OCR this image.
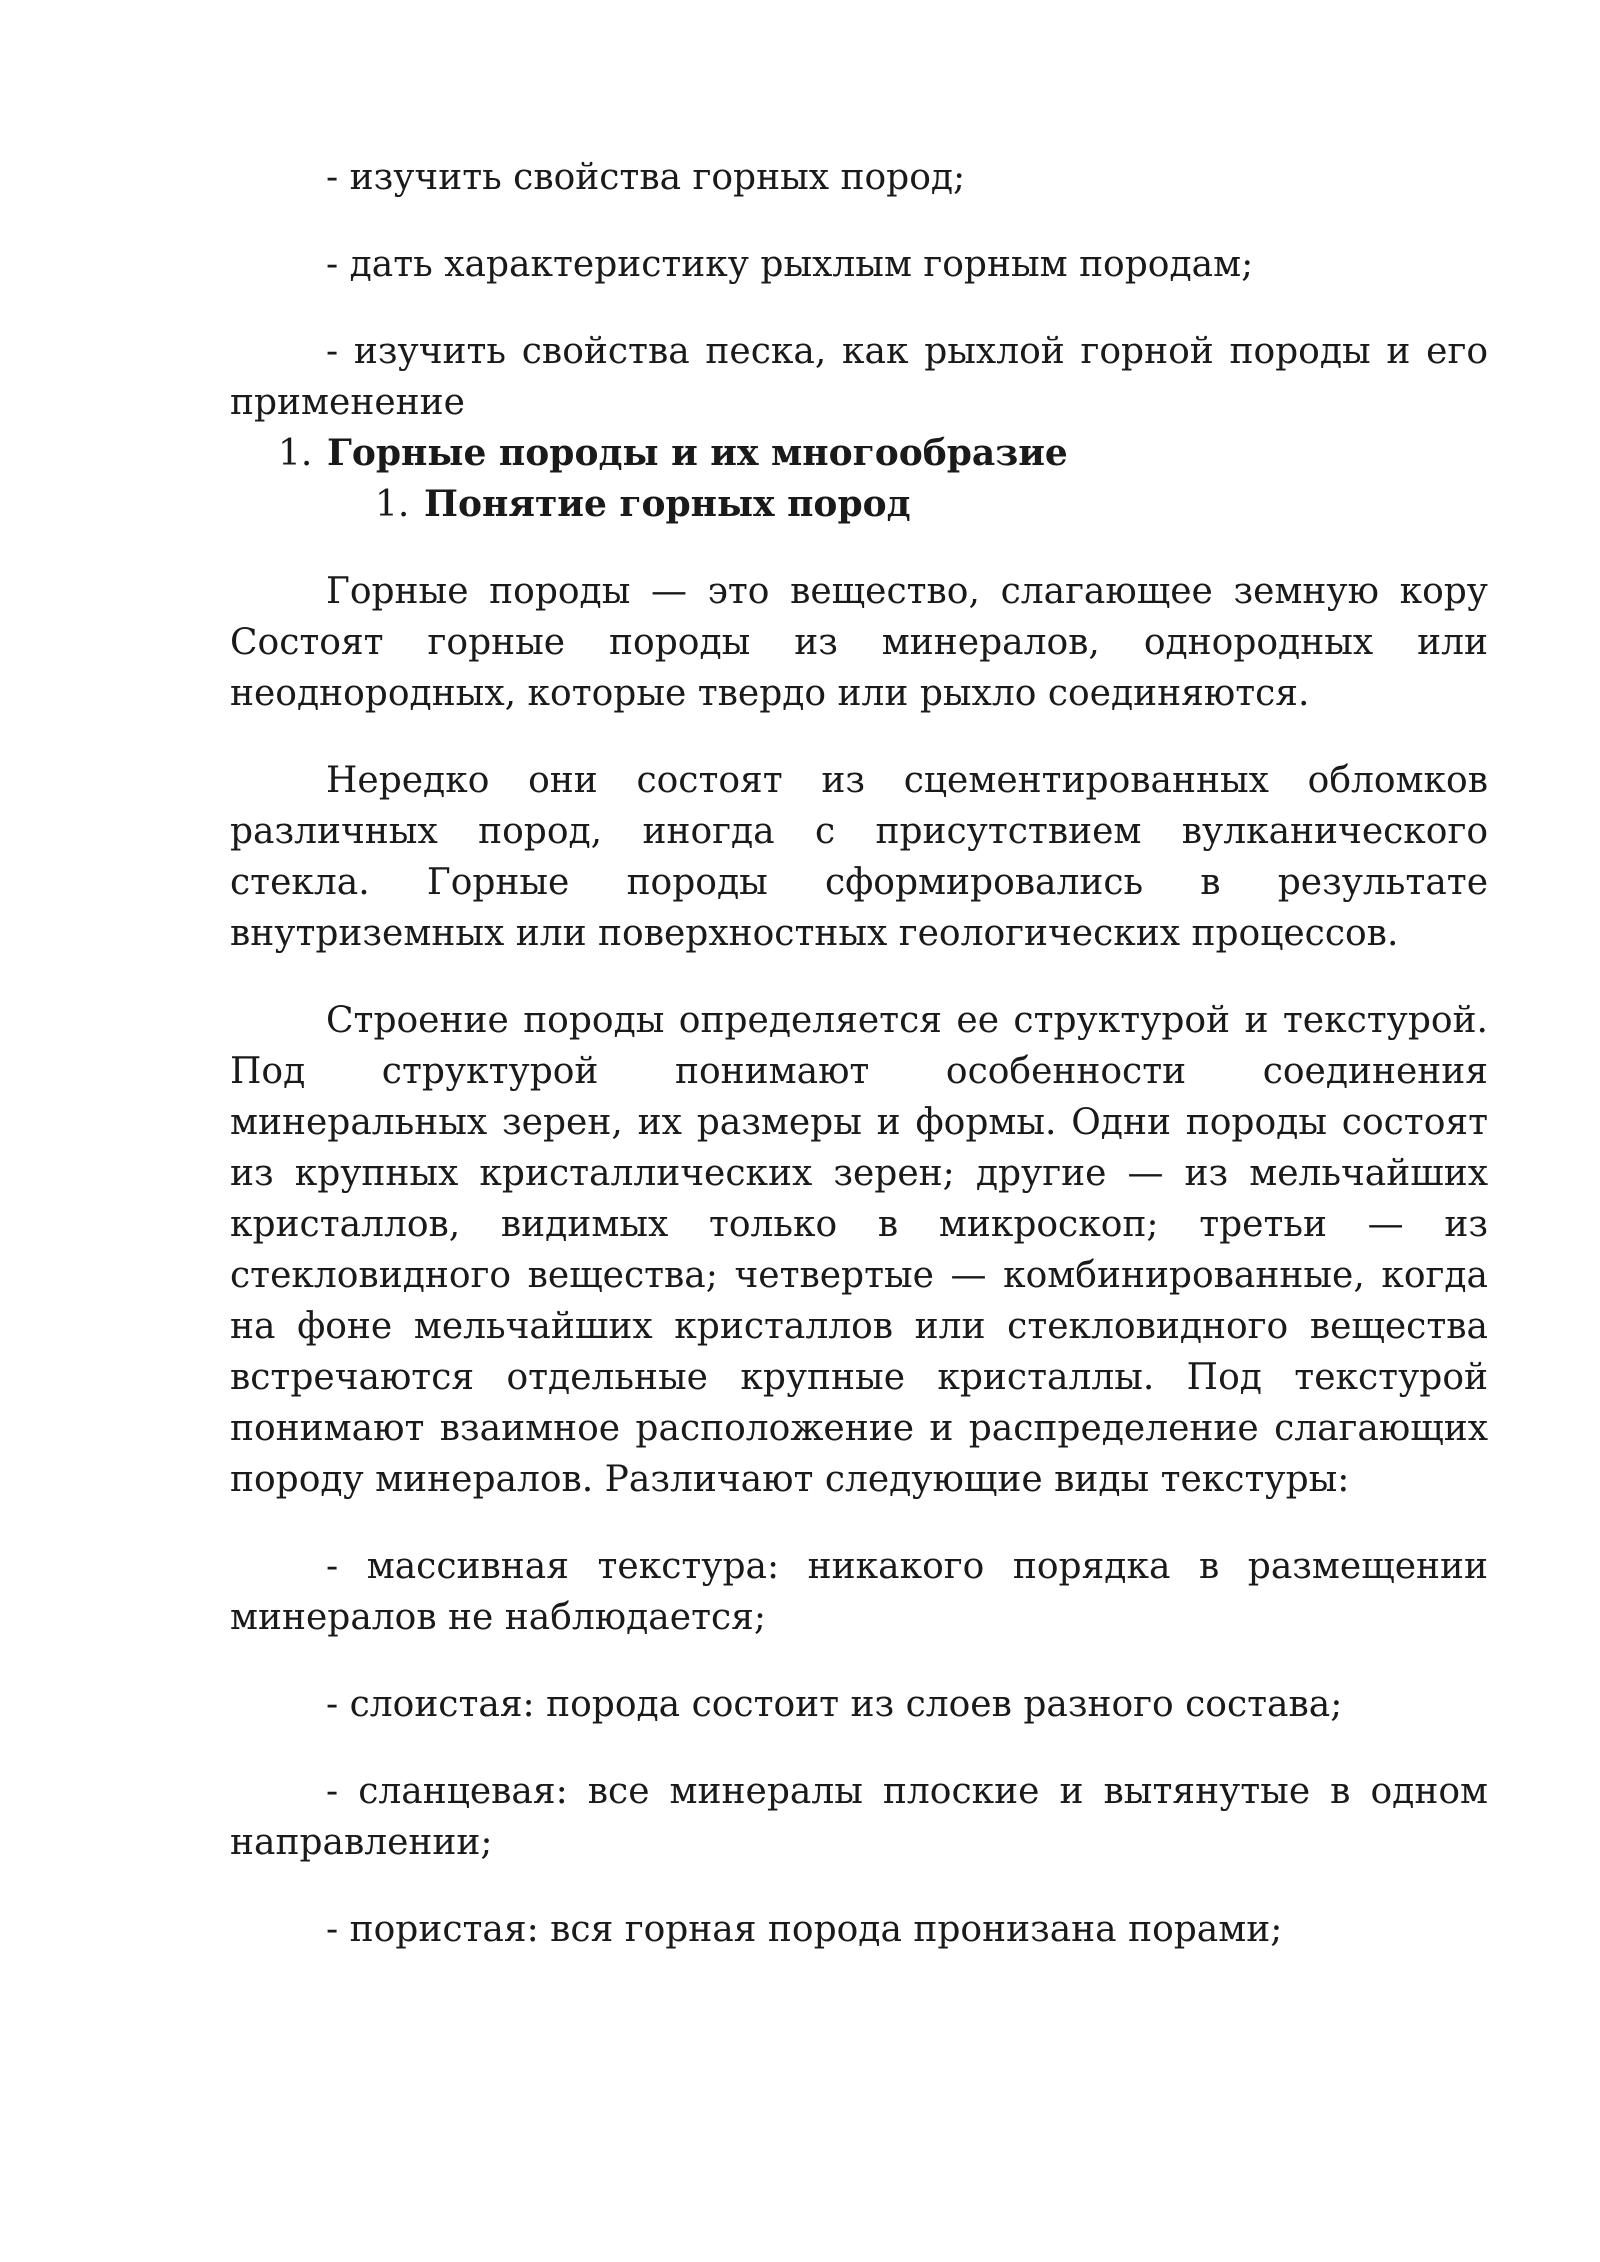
- изучить свойства горных пород;

- дать характеристику рыхлым горным породам;

- изучить свойства песка, как рыхлой горной породы и его применение

1. Горные породы и их многообразие
1. Понятие горных пород

Горные породы — это вещество, слагающее земную кору Состоят горные породы из минералов, однородных или неоднородных, которые твердо или рыхло соединяются.

Нередко они состоят из сцементированных обломков различных пород, иногда с присутствием вулканического стекла. Горные породы сформировались в результате внутриземных или поверхностных геологических процессов.

Строение породы определяется ее структурой и текстурой. Под структурой понимают особенности соединения минеральных зерен, их размеры и формы. Одни породы состоят из крупных кристаллических зерен; другие — из мельчайших кристаллов, видимых только в микроскоп; третьи — из стекловидного вещества; четвертые — комбинированные, когда на фоне мельчайших кристаллов или стекловидного вещества встречаются отдельные крупные кристаллы. Под текстурой понимают взаимное расположение и распределение слагающих породу минералов. Различают следующие виды текстуры:

- массивная текстура: никакого порядка в размещении минералов не наблюдается;

- слоистая: порода состоит из слоев разного состава;

- сланцевая: все минералы плоские и вытянутые в одном направлении;

- пористая: вся горная порода пронизана порами;
